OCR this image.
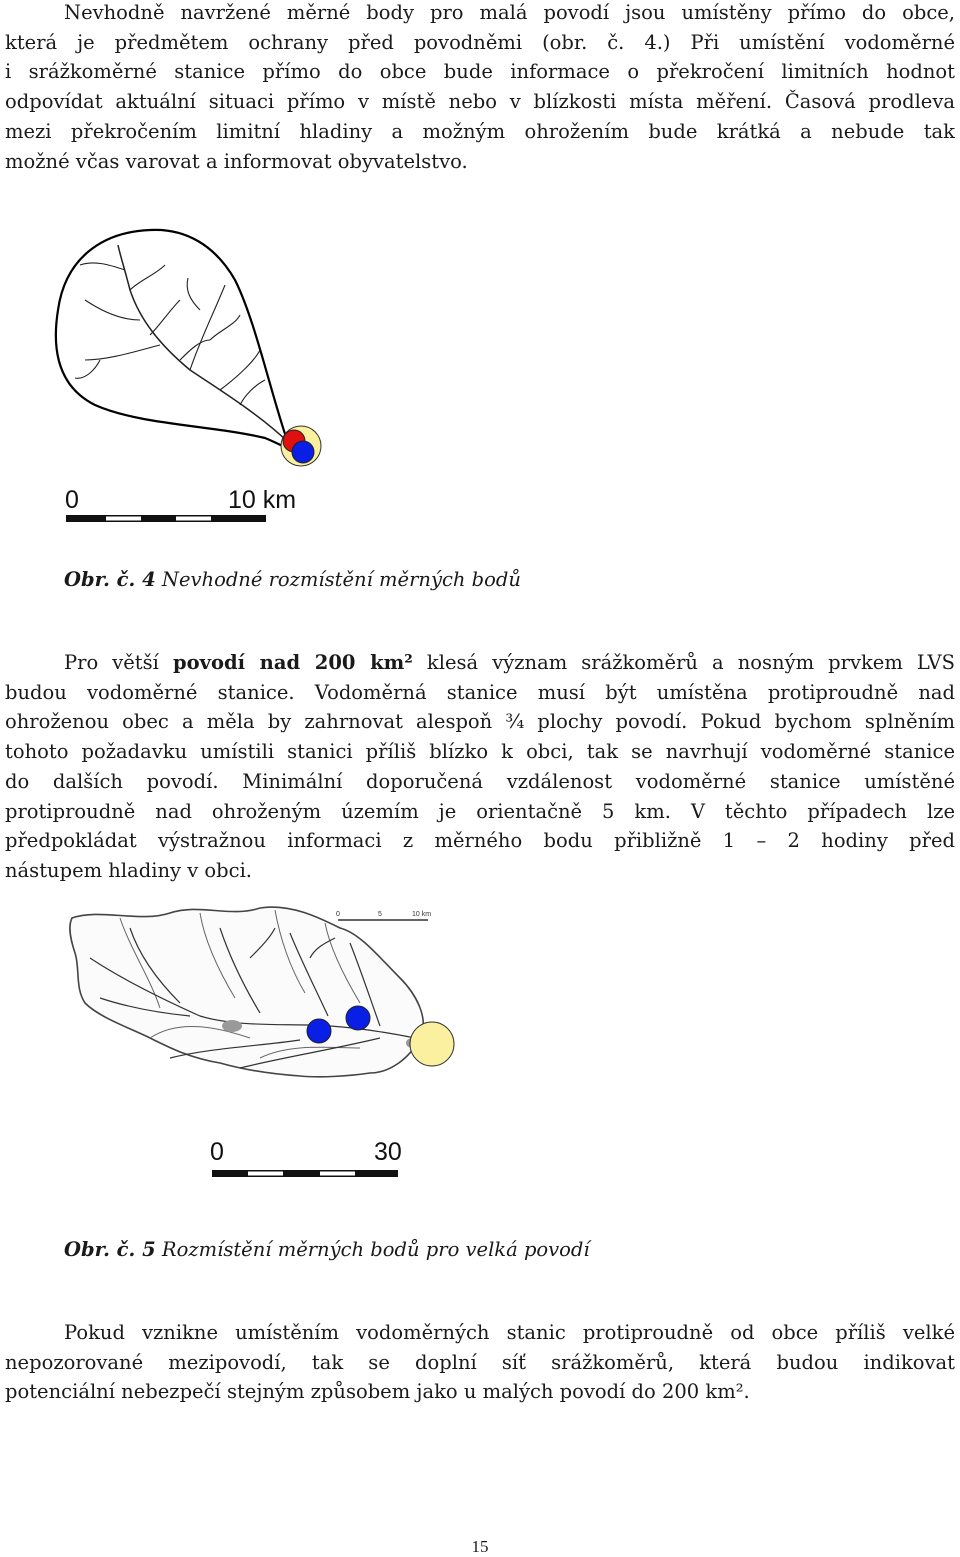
Nevhodně navržené měrné body pro malá povodí jsou umístěny přímo do obce,
která je předmětem ochrany před povodněmi (obr. č. 4.) Při umístění vodoměrné
i srážkoměrné stanice přímo do obce bude informace o překročení limitních hodnot
odpovídat aktuální situaci přímo v místě nebo v blízkosti místa měření. Časová prodleva
mezi překročením limitní hladiny a možným ohrožením bude krátká a nebude tak
možné včas varovat a informovat obyvatelstvo.
0	10 km
Obr. č. 4 Nevhodné rozmístění měrných bodů
Pro větší povodí nad 200 km² klesá význam srážkoměrů a nosným prvkem LVS
budou vodoměrné stanice. Vodoměrná stanice musí být umístěna protiproudně nad
ohroženou obec a měla by zahrnovat alespoň ¾ plochy povodí. Pokud bychom splněním
tohoto požadavku umístili stanici příliš blízko k obci, tak se navrhují vodoměrné stanice
do dalších povodí. Minimální doporučená vzdálenost vodoměrné stanice umístěné
protiproudně nad ohroženým územím je orientačně 5 km. V těchto případech lze
předpokládat výstražnou informaci z měrného bodu přibližně 1 – 2 hodiny před
nástupem hladiny v obci.
0	5	10 km
0	30
Obr. č. 5 Rozmístění měrných bodů pro velká povodí
Pokud vznikne umístěním vodoměrných stanic protiproudně od obce příliš velké
nepozorované mezipovodí, tak se doplní síť srážkoměrů, která budou indikovat
potenciální nebezpečí stejným způsobem jako u malých povodí do 200 km².
15
